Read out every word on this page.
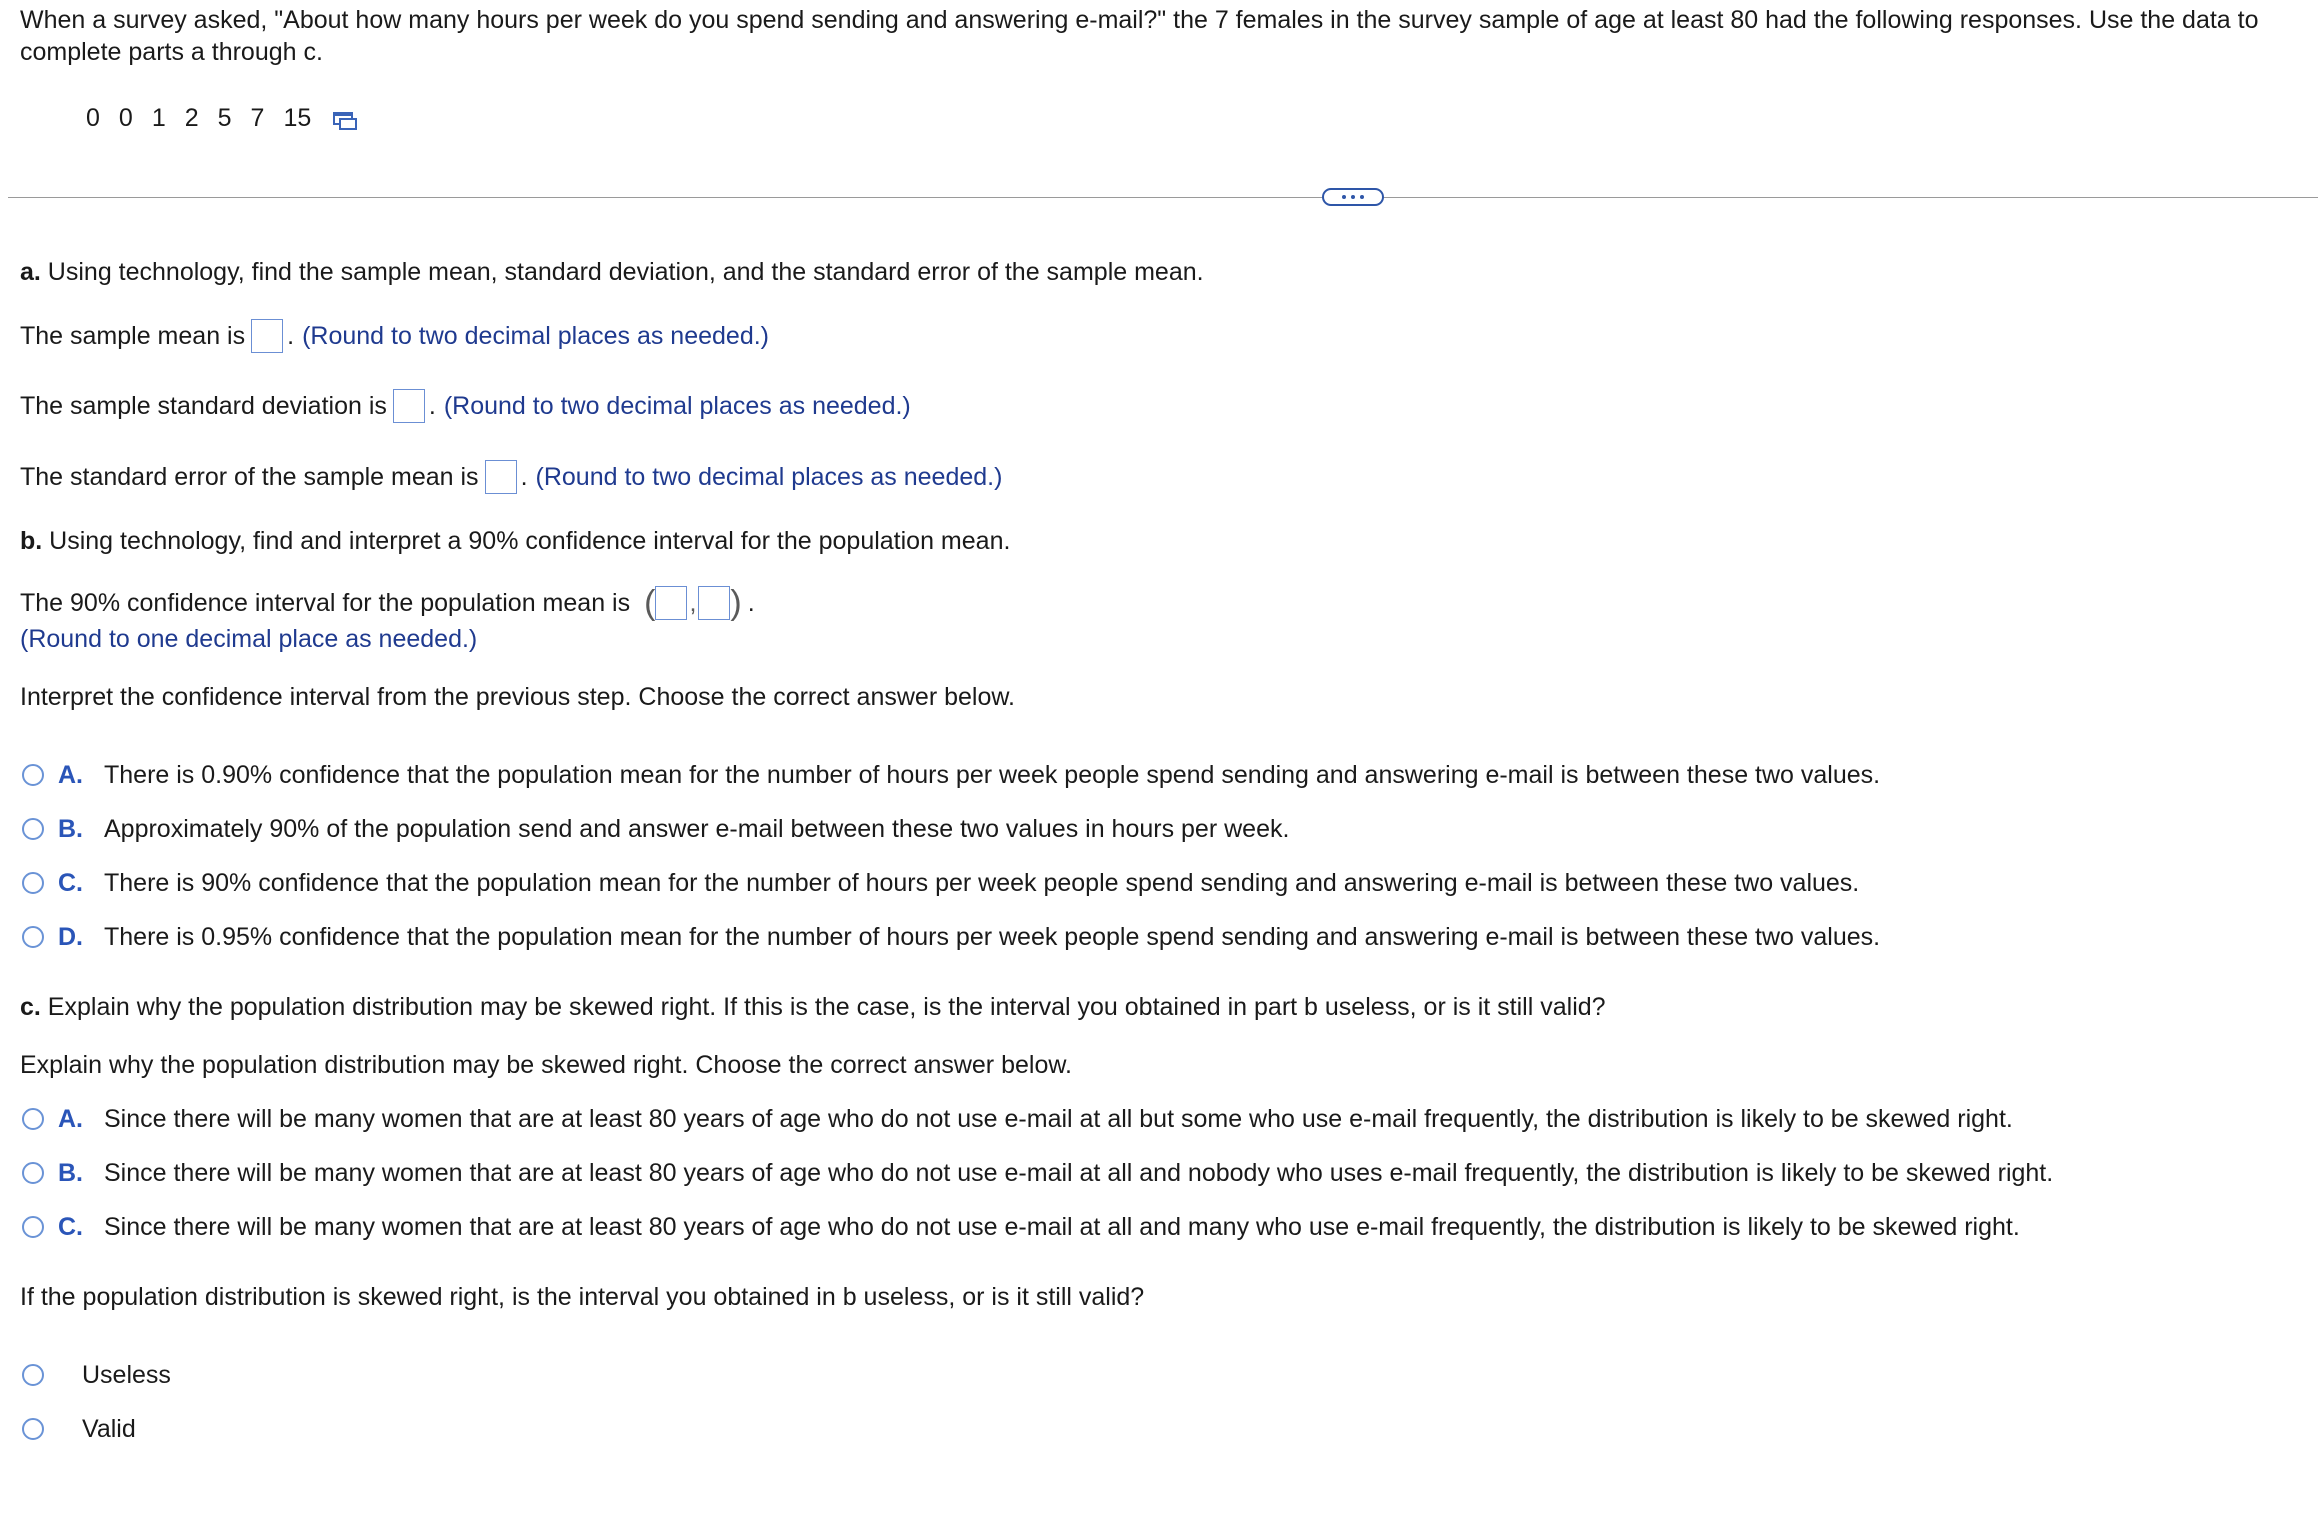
When a survey asked, "About how many hours per week do you spend sending and answering e-mail?" the 7 females in the survey sample of age at least 80 had the following responses. Use the data to complete parts a through c.
0 0 1 2 5 7 15
a. Using technology, find the sample mean, standard deviation, and the standard error of the sample mean.
The sample mean is . (Round to two decimal places as needed.)
The sample standard deviation is . (Round to two decimal places as needed.)
The standard error of the sample mean is . (Round to two decimal places as needed.)
b. Using technology, find and interpret a 90% confidence interval for the population mean.
The 90% confidence interval for the population mean is ( , ) .
(Round to one decimal place as needed.)
Interpret the confidence interval from the previous step. Choose the correct answer below.
A. There is 0.90% confidence that the population mean for the number of hours per week people spend sending and answering e-mail is between these two values.
B. Approximately 90% of the population send and answer e-mail between these two values in hours per week.
C. There is 90% confidence that the population mean for the number of hours per week people spend sending and answering e-mail is between these two values.
D. There is 0.95% confidence that the population mean for the number of hours per week people spend sending and answering e-mail is between these two values.
c. Explain why the population distribution may be skewed right. If this is the case, is the interval you obtained in part b useless, or is it still valid?
Explain why the population distribution may be skewed right. Choose the correct answer below.
A. Since there will be many women that are at least 80 years of age who do not use e-mail at all but some who use e-mail frequently, the distribution is likely to be skewed right.
B. Since there will be many women that are at least 80 years of age who do not use e-mail at all and nobody who uses e-mail frequently, the distribution is likely to be skewed right.
C. Since there will be many women that are at least 80 years of age who do not use e-mail at all and many who use e-mail frequently, the distribution is likely to be skewed right.
If the population distribution is skewed right, is the interval you obtained in b useless, or is it still valid?
Useless
Valid
